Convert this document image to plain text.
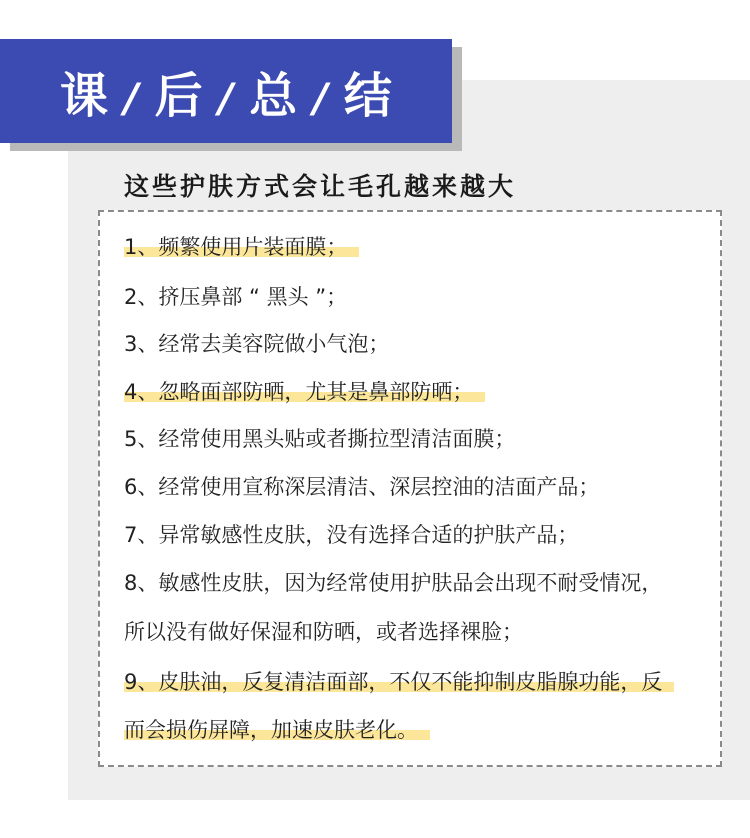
课 / 后 / 总 / 结
这些护肤方式会让毛孔越来越大
1、频繁使用片装面膜；
2、挤压鼻部 “ 黑头 ”；
3、经常去美容院做小气泡；
4、忽略面部防晒，尤其是鼻部防晒；
5、经常使用黑头贴或者撕拉型清洁面膜；
6、经常使用宣称深层清洁、深层控油的洁面产品；
7、异常敏感性皮肤，没有选择合适的护肤产品；
8、敏感性皮肤，因为经常使用护肤品会出现不耐受情况，
所以没有做好保湿和防晒，或者选择裸脸；
9、皮肤油，反复清洁面部，不仅不能抑制皮脂腺功能，反
而会损伤屏障，加速皮肤老化。
